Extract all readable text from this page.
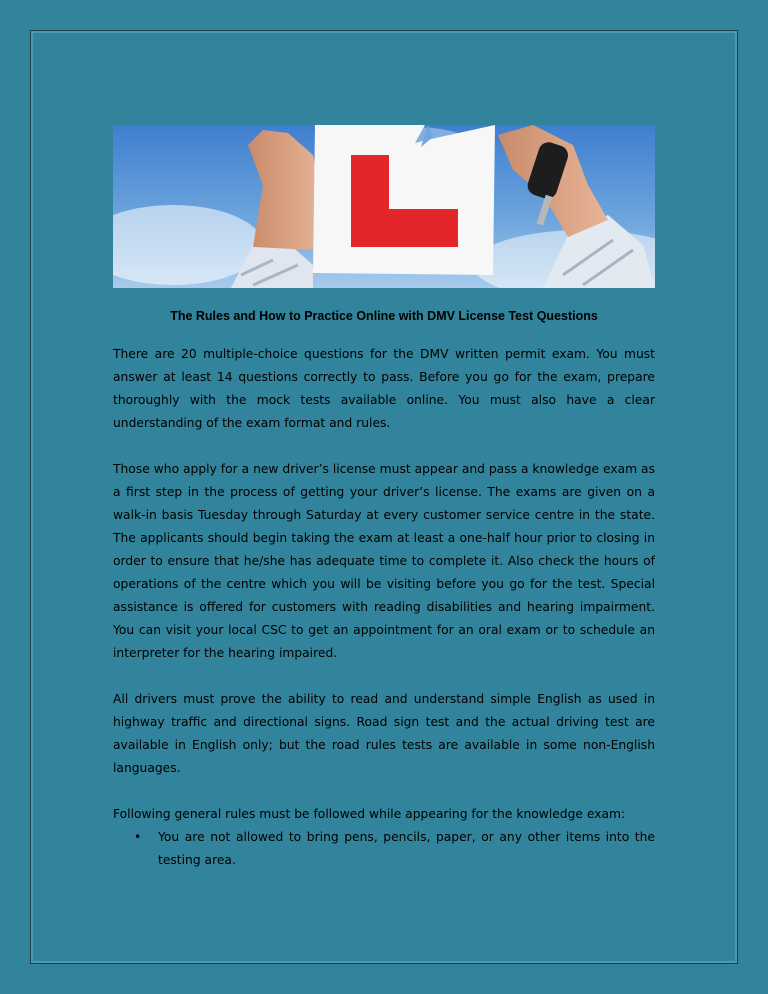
The Rules and How to Practice Online with DMV License Test Questions

There are 20 multiple-choice questions for the DMV written permit exam. You must answer at least 14 questions correctly to pass. Before you go for the exam, prepare thoroughly with the mock tests available online. You must also have a clear understanding of the exam format and rules.

Those who apply for a new driver’s license must appear and pass a knowledge exam as a first step in the process of getting your driver’s license. The exams are given on a walk-in basis Tuesday through Saturday at every customer service centre in the state. The applicants should begin taking the exam at least a one-half hour prior to closing in order to ensure that he/she has adequate time to complete it. Also check the hours of operations of the centre which you will be visiting before you go for the test. Special assistance is offered for customers with reading disabilities and hearing impairment. You can visit your local CSC to get an appointment for an oral exam or to schedule an interpreter for the hearing impaired.

All drivers must prove the ability to read and understand simple English as used in highway traffic and directional signs. Road sign test and the actual driving test are available in English only; but the road rules tests are available in some non-English languages.

Following general rules must be followed while appearing for the knowledge exam:

• You are not allowed to bring pens, pencils, paper, or any other items into the testing area.
